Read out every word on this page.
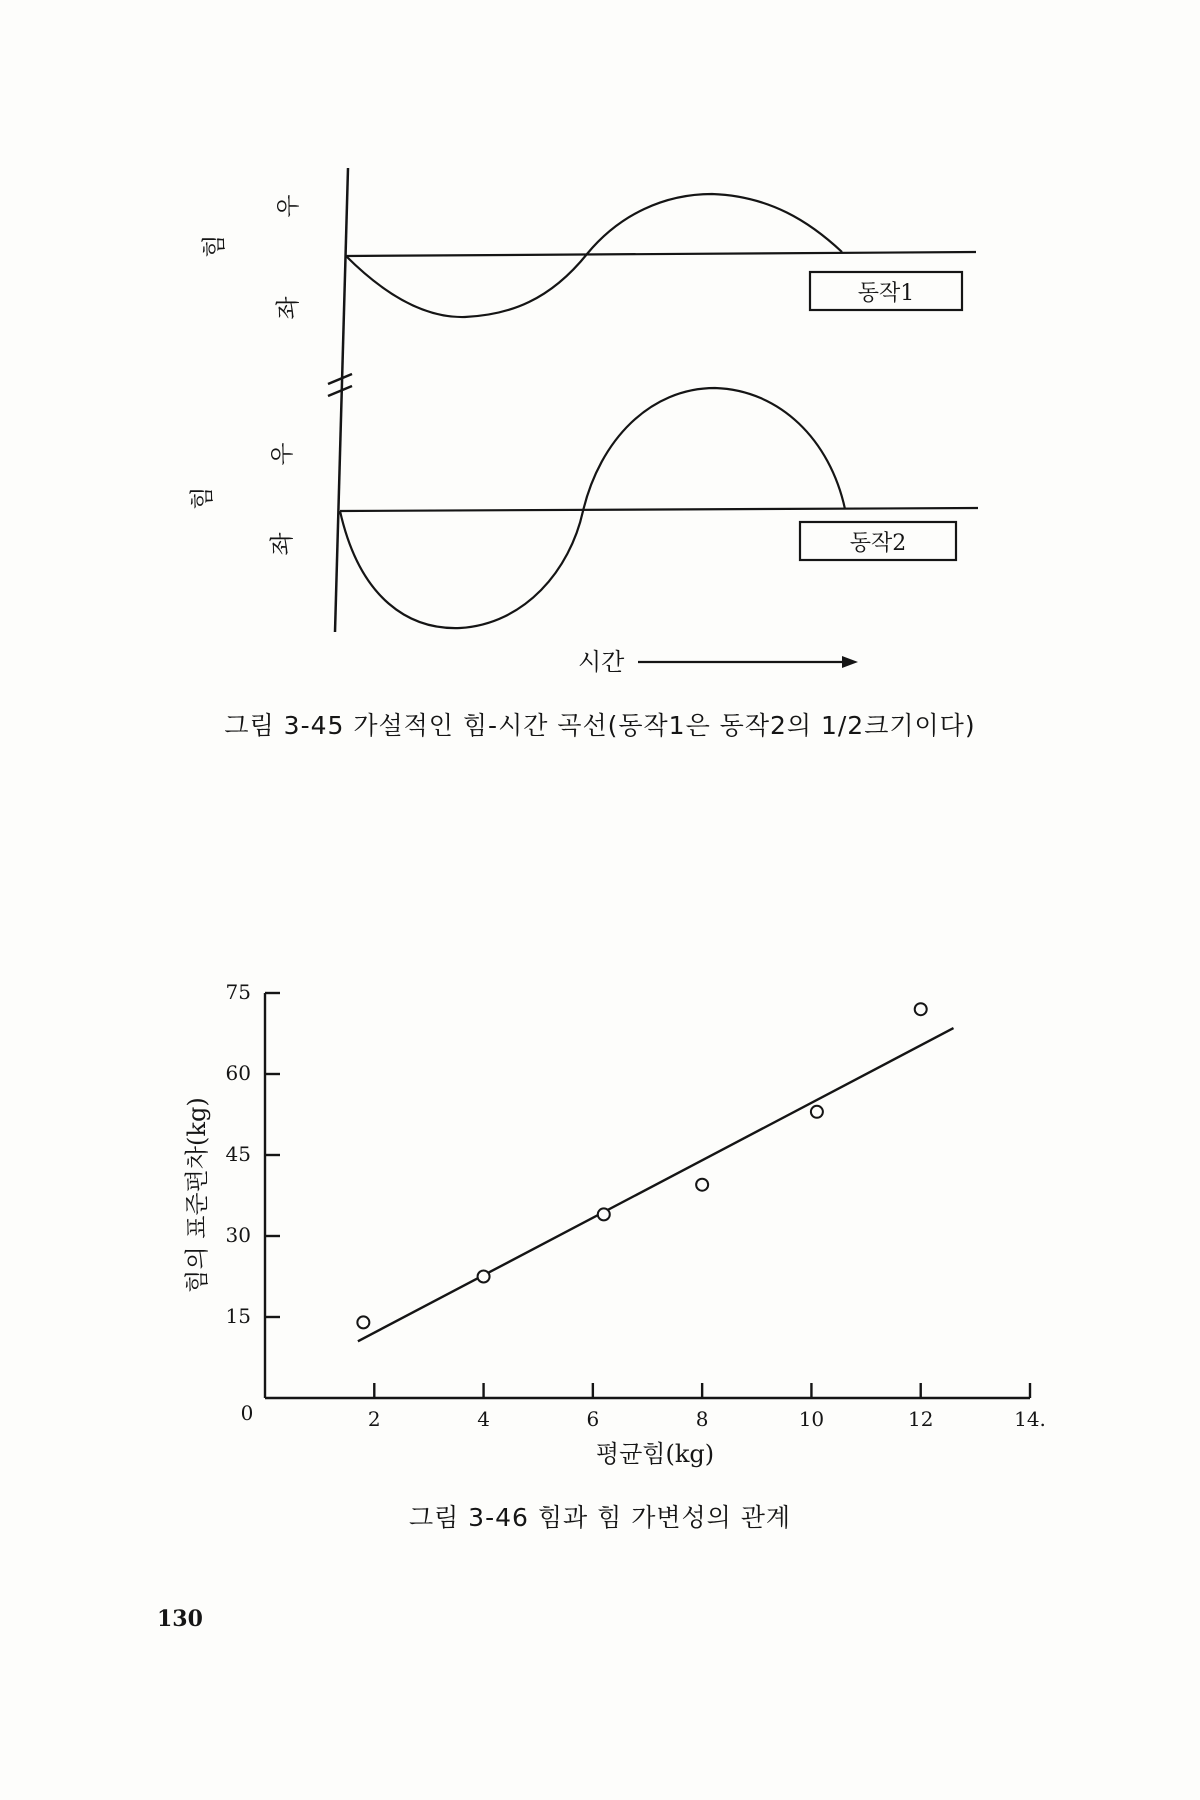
동작1
동작2
힘
힘
우
좌
우
좌
시간
그림 3-45 가설적인 힘-시간 곡선(동작1은 동작2의 1/2크기이다)
15
30
45
60
75
0	2	4	6	8	10	12	14.
평균힘(kg)
힘의 표준편차(kg)
그림 3-46 힘과 힘 가변성의 관계
130
